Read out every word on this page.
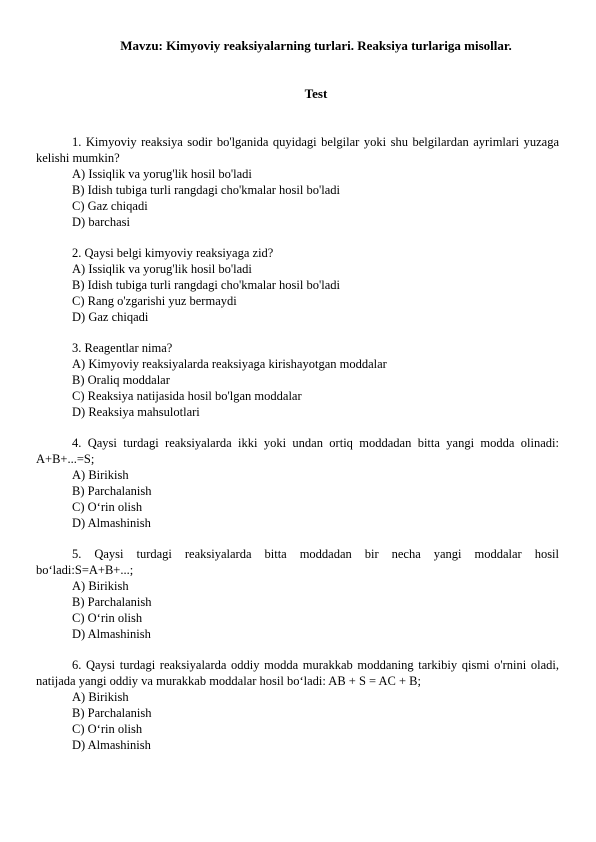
Mavzu: Kimyoviy reaksiyalarning turlari. Reaksiya turlariga misollar.
Test

1. Kimyoviy reaksiya sodir bo'lganida quyidagi belgilar yoki shu belgilardan ayrimlari yuzaga kelishi mumkin?

A) Issiqlik va yorug'lik hosil bo'ladi

B) Idish tubiga turli rangdagi cho'kmalar hosil bo'ladi

C) Gaz chiqadi

D) barchasi

2. Qaysi belgi kimyoviy reaksiyaga zid?

A) Issiqlik va yorug'lik hosil bo'ladi

B) Idish tubiga turli rangdagi cho'kmalar hosil bo'ladi

C) Rang o'zgarishi yuz bermaydi

D) Gaz chiqadi

3. Reagentlar nima?

A) Kimyoviy reaksiyalarda reaksiyaga kirishayotgan moddalar

B) Oraliq moddalar

C) Reaksiya natijasida hosil bo'lgan moddalar

D) Reaksiya mahsulotlari

4. Qaysi turdagi reaksiyalarda ikki yoki undan ortiq moddadan bitta yangi modda olinadi: A+B+...=S;

A) Birikish

B) Parchalanish

C) O‘rin olish

D) Almashinish

5. Qaysi turdagi reaksiyalarda bitta moddadan bir necha yangi moddalar hosil bo‘ladi:S=A+B+...;

A) Birikish

B) Parchalanish

C) O‘rin olish

D) Almashinish

6. Qaysi turdagi reaksiyalarda oddiy modda murakkab moddaning tarkibiy qismi o'rnini oladi, natijada yangi oddiy va murakkab moddalar hosil bo‘ladi: AB + S = AC + B;

A) Birikish

B) Parchalanish

C) O‘rin olish

D) Almashinish
